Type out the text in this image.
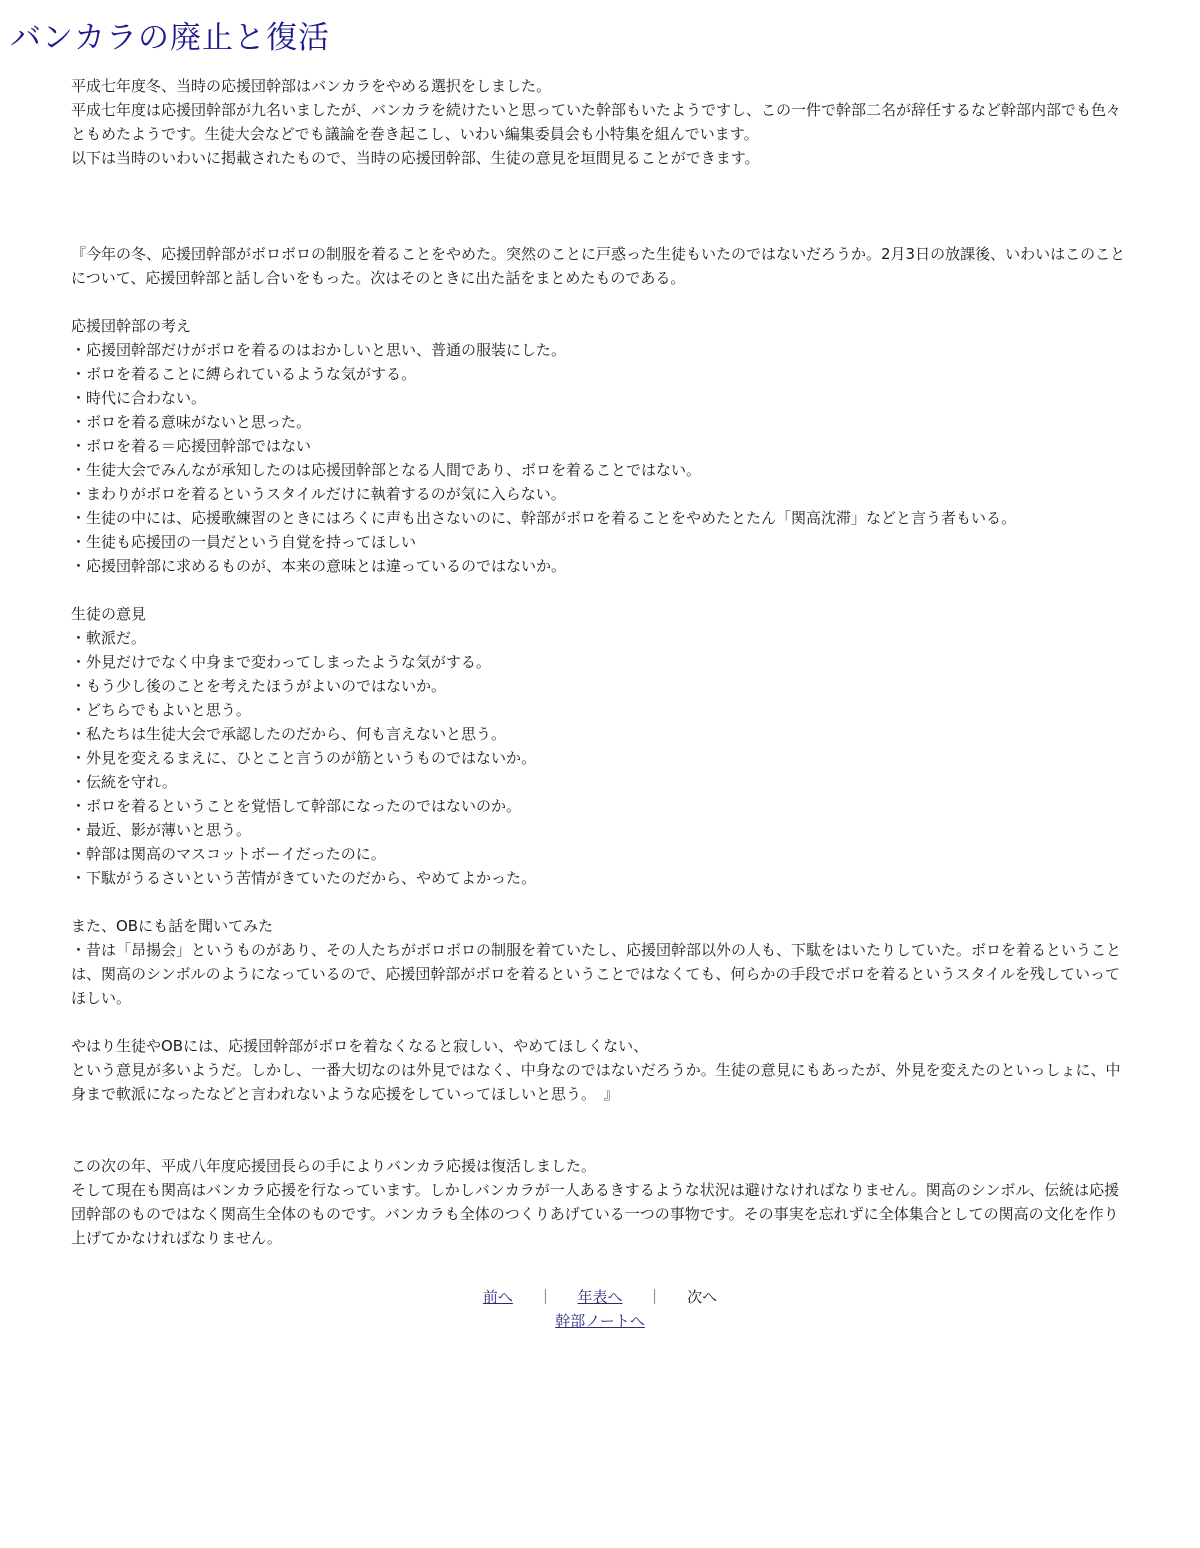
バンカラの廃止と復活
平成七年度冬、当時の応援団幹部はバンカラをやめる選択をしました。
平成七年度は応援団幹部が九名いましたが、バンカラを続けたいと思っていた幹部もいたようですし、この一件で幹部二名が辞任するなど幹部内部でも色々ともめたようです。生徒大会などでも議論を巻き起こし、いわい編集委員会も小特集を組んでいます。
以下は当時のいわいに掲載されたもので、当時の応援団幹部、生徒の意見を垣間見ることができます。
『今年の冬、応援団幹部がボロボロの制服を着ることをやめた。突然のことに戸惑った生徒もいたのではないだろうか。2月3日の放課後、いわいはこのことについて、応援団幹部と話し合いをもった。次はそのときに出た話をまとめたものである。
応援団幹部の考え
・応援団幹部だけがボロを着るのはおかしいと思い、普通の服装にした。
・ボロを着ることに縛られているような気がする。
・時代に合わない。
・ボロを着る意味がないと思った。
・ボロを着る＝応援団幹部ではない
・生徒大会でみんなが承知したのは応援団幹部となる人間であり、ボロを着ることではない。
・まわりがボロを着るというスタイルだけに執着するのが気に入らない。
・生徒の中には、応援歌練習のときにはろくに声も出さないのに、幹部がボロを着ることをやめたとたん「関高沈滞」などと言う者もいる。
・生徒も応援団の一員だという自覚を持ってほしい
・応援団幹部に求めるものが、本来の意味とは違っているのではないか。
生徒の意見
・軟派だ。
・外見だけでなく中身まで変わってしまったような気がする。
・もう少し後のことを考えたほうがよいのではないか。
・どちらでもよいと思う。
・私たちは生徒大会で承認したのだから、何も言えないと思う。
・外見を変えるまえに、ひとこと言うのが筋というものではないか。
・伝統を守れ。
・ボロを着るということを覚悟して幹部になったのではないのか。
・最近、影が薄いと思う。
・幹部は関高のマスコットボーイだったのに。
・下駄がうるさいという苦情がきていたのだから、やめてよかった。
また、OBにも話を聞いてみた
・昔は「昂揚会」というものがあり、その人たちがボロボロの制服を着ていたし、応援団幹部以外の人も、下駄をはいたりしていた。ボロを着るということは、関高のシンボルのようになっているので、応援団幹部がボロを着るということではなくても、何らかの手段でボロを着るというスタイルを残していってほしい。
やはり生徒やOBには、応援団幹部がボロを着なくなると寂しい、やめてほしくない、
という意見が多いようだ。しかし、一番大切なのは外見ではなく、中身なのではないだろうか。生徒の意見にもあったが、外見を変えたのといっしょに、中身まで軟派になったなどと言われないような応援をしていってほしいと思う。　』
この次の年、平成八年度応援団長らの手によりバンカラ応援は復活しました。
そして現在も関高はバンカラ応援を行なっています。しかしバンカラが一人あるきするような状況は避けなければなりません。関高のシンボル、伝統は応援団幹部のものではなく関高生全体のものです。バンカラも全体のつくりあげている一つの事物です。その事実を忘れずに全体集合としての関高の文化を作り上げてかなければなりません。
前へ ｜ 年表へ ｜ 次へ
幹部ノートへ
